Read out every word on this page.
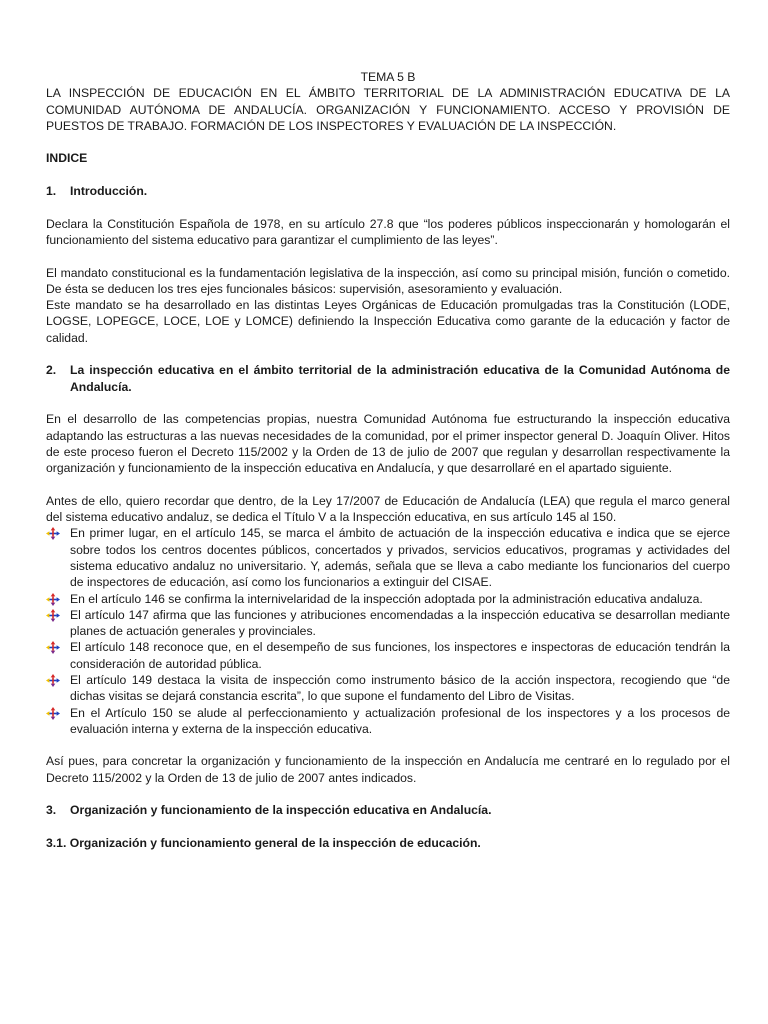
TEMA 5 B

LA INSPECCIÓN DE EDUCACIÓN EN EL ÁMBITO TERRITORIAL DE LA ADMINISTRACIÓN EDUCATIVA DE LA COMUNIDAD AUTÓNOMA DE ANDALUCÍA. ORGANIZACIÓN Y FUNCIONAMIENTO. ACCESO Y PROVISIÓN DE PUESTOS DE TRABAJO. FORMACIÓN DE LOS INSPECTORES Y EVALUACIÓN DE LA INSPECCIÓN.

INDICE

1.	Introducción.

Declara la Constitución Española de 1978, en su artículo 27.8 que “los poderes públicos inspeccionarán y homologarán el funcionamiento del sistema educativo para garantizar el cumplimiento de las leyes”.

El mandato constitucional es la fundamentación legislativa de la inspección, así como su principal misión, función o cometido. De ésta se deducen los tres ejes funcionales básicos: supervisión, asesoramiento y evaluación.

Este mandato se ha desarrollado en las distintas Leyes Orgánicas de Educación promulgadas tras la Constitución (LODE, LOGSE, LOPEGCE, LOCE, LOE y LOMCE) definiendo la Inspección Educativa como garante de la educación y factor de calidad.

2.	La inspección educativa en el ámbito territorial de la administración educativa de la Comunidad Autónoma de Andalucía.

En el desarrollo de las competencias propias, nuestra Comunidad Autónoma fue estructurando la inspección educativa adaptando las estructuras a las nuevas necesidades de la comunidad, por el primer inspector general D. Joaquín Oliver. Hitos de este proceso fueron el Decreto 115/2002 y la Orden de 13 de julio de 2007 que regulan y desarrollan respectivamente la organización y funcionamiento de la inspección educativa en Andalucía, y que desarrollaré en el apartado siguiente.

Antes de ello, quiero recordar que dentro, de la Ley 17/2007 de Educación de Andalucía (LEA) que regula el marco general del sistema educativo andaluz, se dedica el Título V a la Inspección educativa, en sus artículo 145 al 150.

En primer lugar, en el artículo 145, se marca el ámbito de actuación de la inspección educativa e indica que se ejerce sobre todos los centros docentes públicos, concertados y privados, servicios educativos, programas y actividades del sistema educativo andaluz no universitario. Y, además, señala que se lleva a cabo mediante los funcionarios del cuerpo de inspectores de educación, así como los funcionarios a extinguir del CISAE.
En el artículo 146 se confirma la internivelaridad de la inspección adoptada por la administración educativa andaluza.
El artículo 147 afirma que las funciones y atribuciones encomendadas a la inspección educativa se desarrollan mediante planes de actuación generales y provinciales.
El artículo 148 reconoce que, en el desempeño de sus funciones, los inspectores e inspectoras de educación tendrán la consideración de autoridad pública.
El artículo 149 destaca la visita de inspección como instrumento básico de la acción inspectora, recogiendo que “de dichas visitas se dejará constancia escrita”, lo que supone el fundamento del Libro de Visitas.
En el Artículo 150 se alude al perfeccionamiento y actualización profesional de los inspectores y a los procesos de evaluación interna y externa de la inspección educativa.

Así pues, para concretar la organización y funcionamiento de la inspección en Andalucía me centraré en lo regulado por el Decreto 115/2002 y la Orden de 13 de julio de 2007 antes indicados.

3.	Organización y funcionamiento de la inspección educativa en Andalucía.

3.1. Organización y funcionamiento general de la inspección de educación.
